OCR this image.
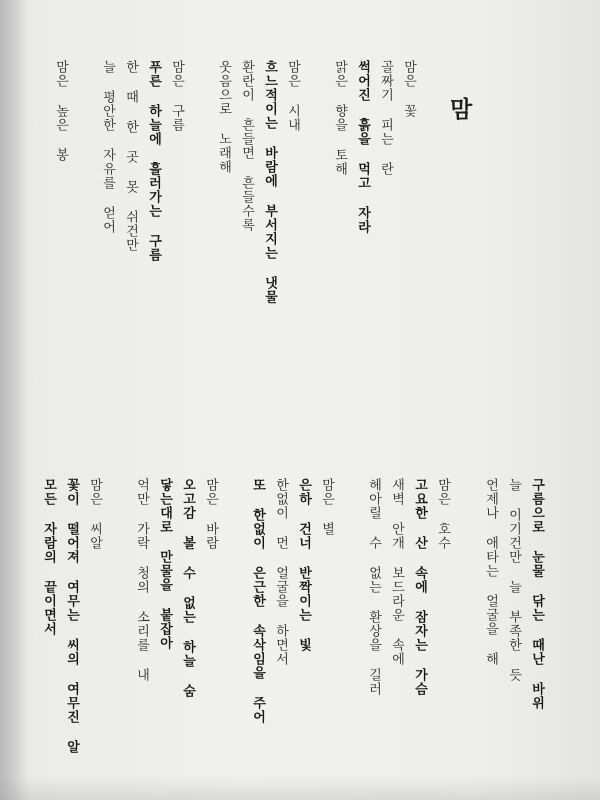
맘
맘은 꽃
골짜기 피는 란
썩어진 흙을 먹고 자라
맑은 향을 토해
맘은 시내
흐느적이는 바람에 부서지는 냇물
환란이 흔들면 흔들수록
웃음으로 노래해
맘은 구름
푸른 하늘에 흘러가는 구름
한 때 한 곳 못 쉬건만
늘 평안한 자유를 얻어
맘은 높은 봉
구름으로 눈물 닦는 때난 바위
늘 이기건만 늘 부족한 듯
언제나 애타는 얼굴을 해
맘은 호수
고요한 산 속에 잠자는 가슴
새벽 안개 보드라운 속에
헤아릴 수 없는 환상을 길러
맘은 별
은하 건너 반짝이는 빛
한없이 먼 얼굴을 하면서
또 한없이 은근한 속삭임을 주어
맘은 바람
오고감 볼 수 없는 하늘 숨
닿는대로 만물을 붙잡아
억만 가락 청의 소리를 내
맘은 씨알
꽃이 떨어져 여무는 씨의 여무진 알
모든 자람의 끝이면서
